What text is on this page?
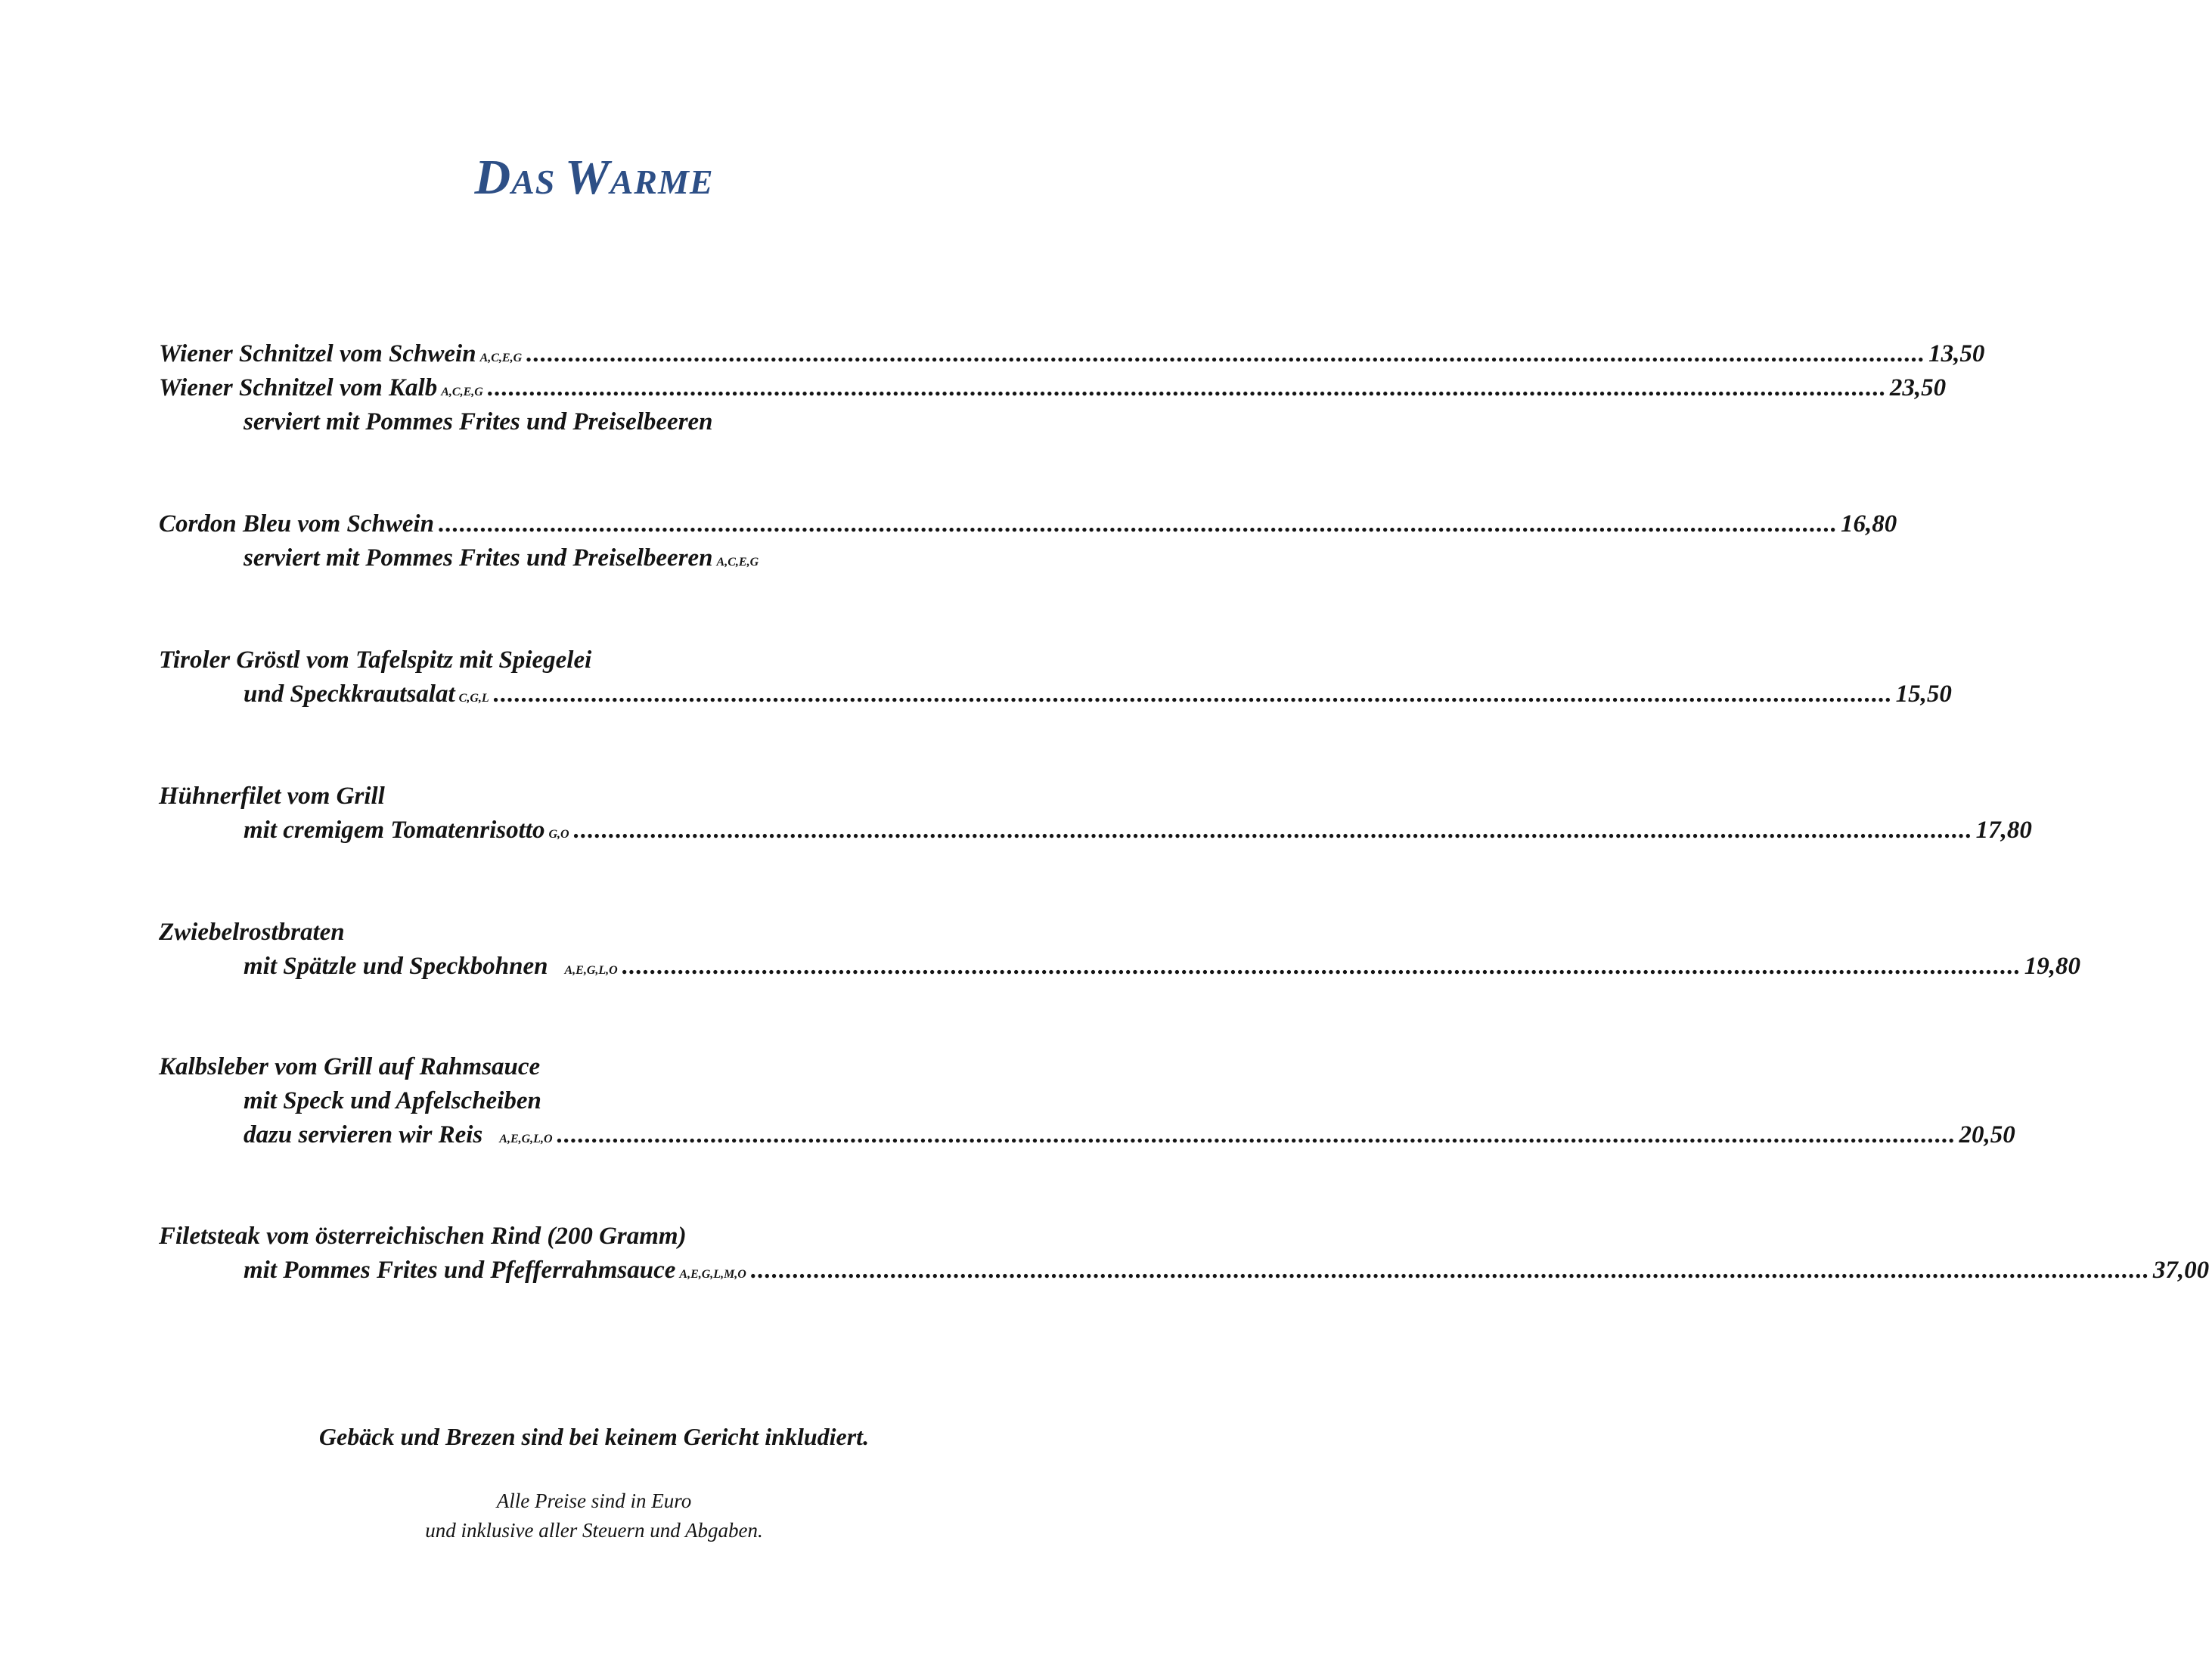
DAS WARME
Wiener Schnitzel vom Schwein A,C,E,G ........................................................................................................................................................................................................ 13,50
Wiener Schnitzel vom Kalb A,C,E,G ........................................................................................................................................................................................................ 23,50
serviert mit Pommes Frites und Preiselbeeren
Cordon Bleu vom Schwein ........................................................................................................................................................................................................ 16,80
serviert mit Pommes Frites und Preiselbeeren A,C,E,G
Tiroler Gröstl vom Tafelspitz mit Spiegelei
und Speckkrautsalat C,G,L ........................................................................................................................................................................................................ 15,50
Hühnerfilet vom Grill
mit cremigem Tomatenrisotto G,O ........................................................................................................................................................................................................ 17,80
Zwiebelrostbraten
mit Spätzle und Speckbohnen A,E,G,L,O ........................................................................................................................................................................................................ 19,80
Kalbsleber vom Grill auf Rahmsauce
mit Speck und Apfelscheiben
dazu servieren wir Reis A,E,G,L,O ........................................................................................................................................................................................................ 20,50
Filetsteak vom österreichischen Rind (200 Gramm)
mit Pommes Frites und Pfefferrahmsauce A,E,G,L,M,O ........................................................................................................................................................................................................ 37,00
Gebäck und Brezen sind bei keinem Gericht inkludiert.
Alle Preise sind in Euro
und inklusive aller Steuern und Abgaben.
